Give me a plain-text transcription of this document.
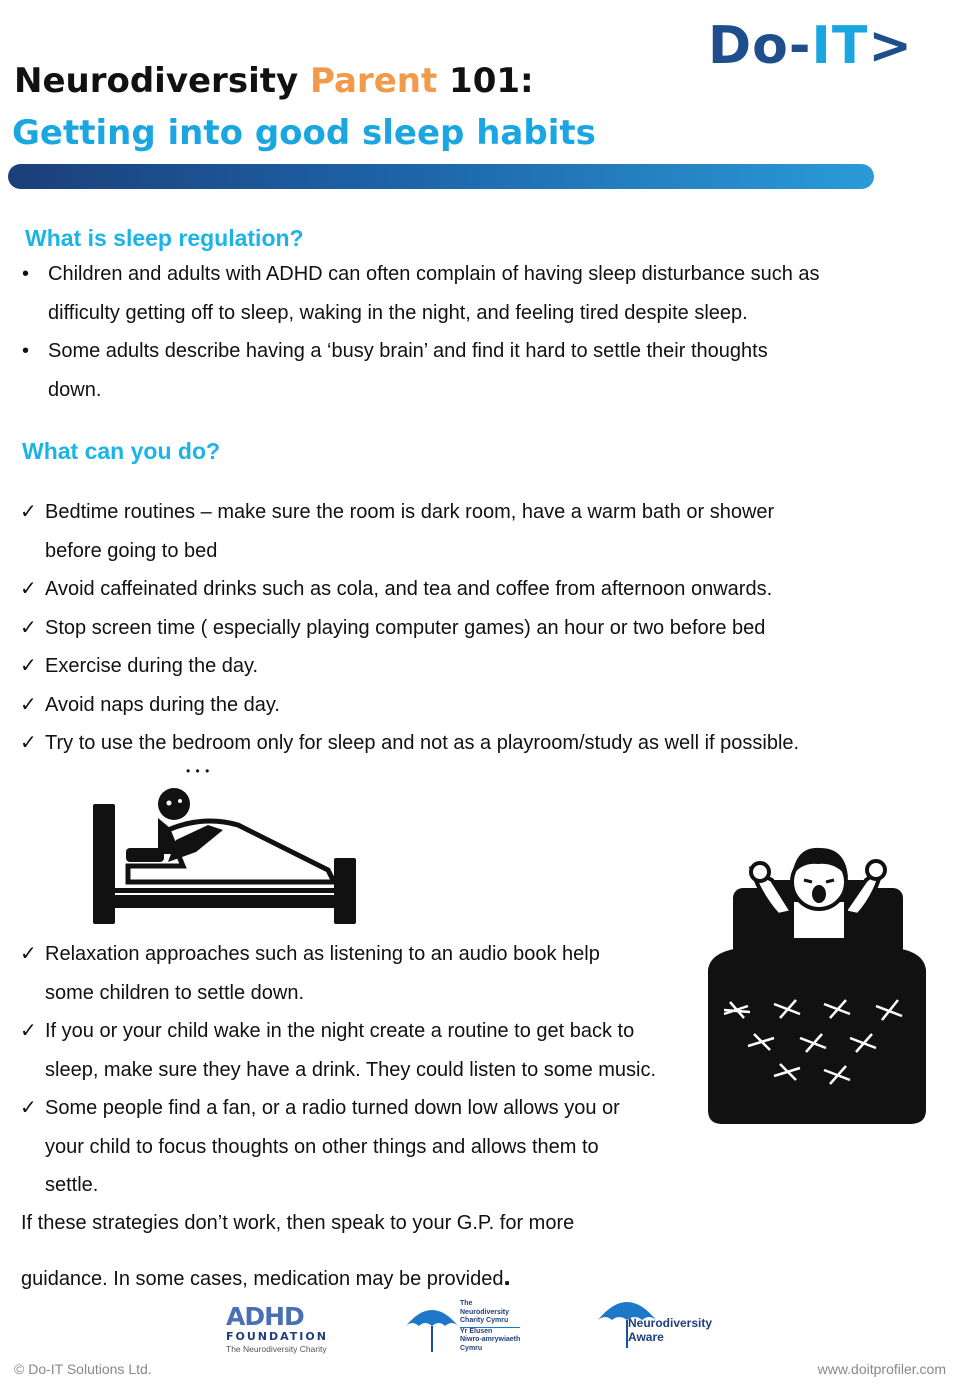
Do-IT>
Neurodiversity Parent 101:
Getting into good sleep habits
What is sleep regulation?
• Children and adults with ADHD can often complain of having sleep disturbance such as
difficulty getting off to sleep, waking in the night, and feeling tired despite sleep.
• Some adults describe having a ‘busy brain’ and find it hard to settle their thoughts
down.
What can you do?
✓ Bedtime routines – make sure the room is dark room, have a warm bath or shower
before going to bed
✓ Avoid caffeinated drinks such as cola, and tea and coffee from afternoon onwards.
✓ Stop screen time ( especially playing computer games) an hour or two before bed
✓ Exercise during the day.
✓ Avoid naps during the day.
✓ Try to use the bedroom only for sleep and not as a playroom/study as well if possible.
• • •
✓ Relaxation approaches such as listening to an audio book help
some children to settle down.
✓ If you or your child wake in the night create a routine to get back to
sleep, make sure they have a drink. They could listen to some music.
✓ Some people find a fan, or a radio turned down low allows you or
your child to focus thoughts on other things and allows them to
settle.
If these strategies don’t work, then speak to your G.P. for more
guidance. In some cases, medication may be provided.
ADHD
FOUNDATION
The Neurodiversity Charity
The
Neurodiversity
Charity Cymru
Yr Elusen
Niwro-amrywiaeth
Cymru
Neurodiversity
Aware
© Do-IT Solutions Ltd.	www.doitprofiler.com
